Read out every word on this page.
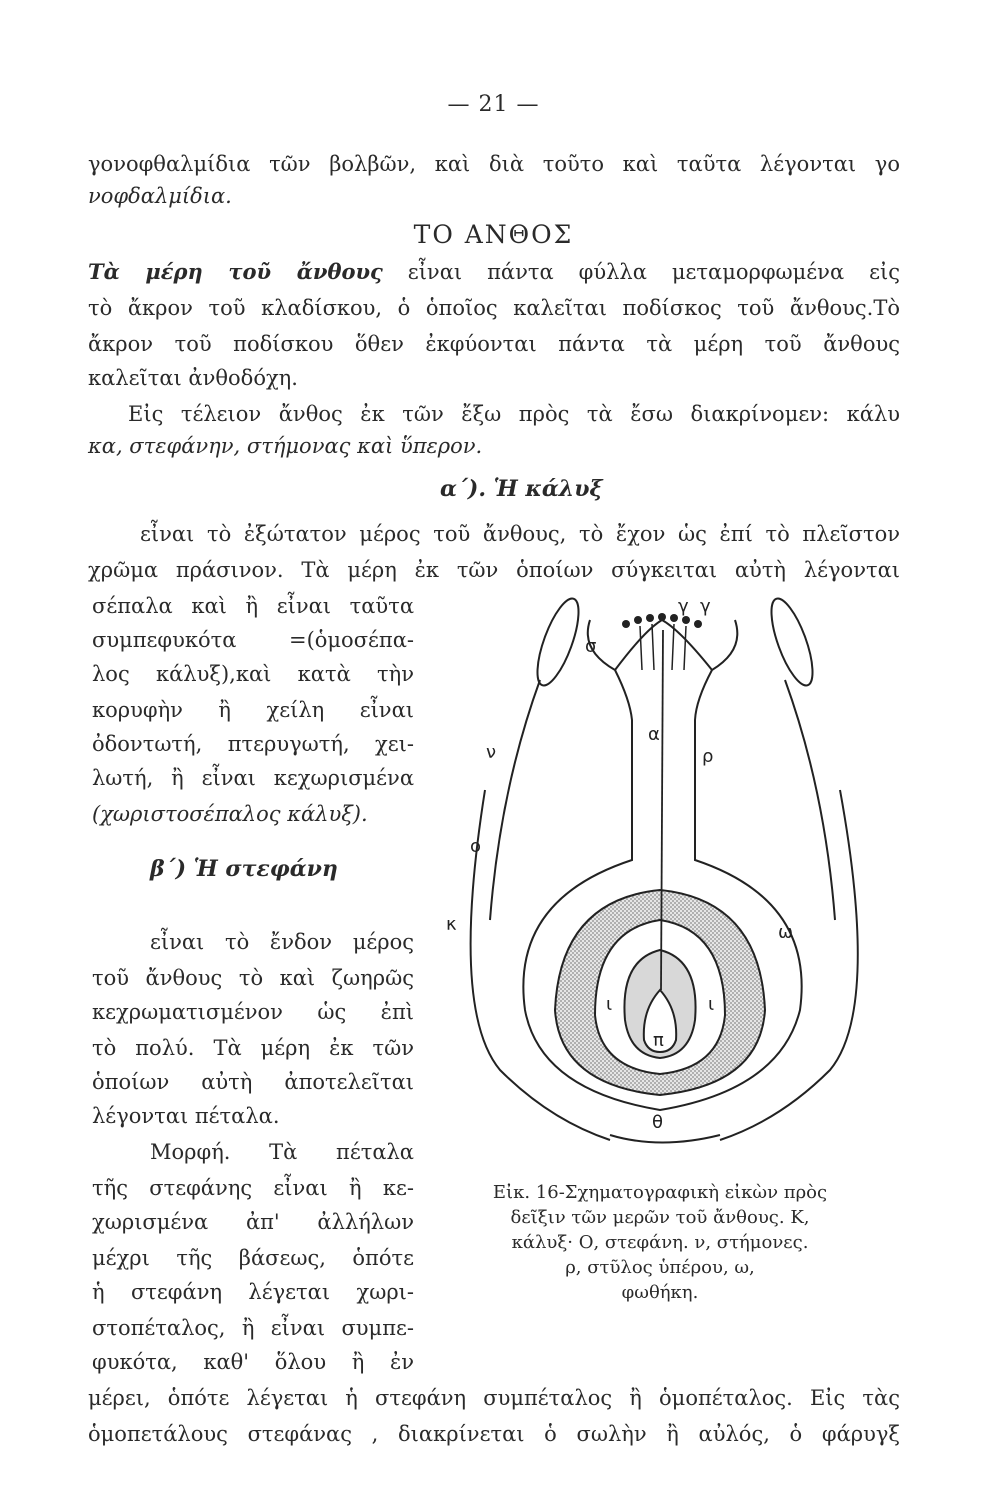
— 21 —
γονοφθαλμίδια τῶν βολβῶν, καὶ διὰ τοῦτο καὶ ταῦτα λέγονται γο
νοφδαλμίδια.
ΤΟ ΑΝΘΟΣ
Τὰ μέρη τοῦ ἄνθους εἶναι πάντα φύλλα μεταμορφωμένα εἰς
τὸ ἄκρον τοῦ κλαδίσκου, ὁ ὁποῖος καλεῖται ποδίσκος τοῦ ἄνθους.Τὸ
ἄκρον τοῦ ποδίσκου ὅθεν ἐκφύονται πάντα τὰ μέρη τοῦ ἄνθους
καλεῖται ἀνθοδόχη.
Εἰς τέλειον ἄνθος ἐκ τῶν ἔξω πρὸς τὰ ἔσω διακρίνομεν: κάλυ
κα, στεφάνην, στήμονας καὶ ὕπερον.
α΄). Ἡ κάλυξ
εἶναι τὸ ἐξώτατον μέρος τοῦ ἄνθους, τὸ ἔχον ὡς ἐπί τὸ πλεῖστον
χρῶμα πράσινον. Τὰ μέρη ἐκ τῶν ὁποίων σύγκειται αὐτὴ λέγονται
σέπαλα καὶ ἢ εἶναι ταῦτα
συμπεφυκότα =(ὁμοσέπα-
λος κάλυξ),καὶ κατὰ τὴν
κορυφὴν ἢ χείλη εἶναι
ὀδοντωτή, πτερυγωτή, χει-
λωτή, ἢ εἶναι κεχωρισμένα
(χωριστοσέπαλος κάλυξ).
β΄) Ἡ στεφάνη
εἶναι τὸ ἔνδον μέρος
τοῦ ἄνθους τὸ καὶ ζωηρῶς
κεχρωματισμένον ὡς ἐπὶ
τὸ πολύ. Τὰ μέρη ἐκ τῶν
ὁποίων αὐτὴ ἀποτελεῖται
λέγονται πέταλα.
Μορφή. Τὰ πέταλα
τῆς στεφάνης εἶναι ἢ κε-
χωρισμένα ἀπ' ἀλλήλων
μέχρι τῆς βάσεως, ὁπότε
ἡ στεφάνη λέγεται χωρι-
στοπέταλος, ἢ εἶναι συμπε-
φυκότα, καθ' ὅλου ἢ ἐν
μέρει, ὁπότε λέγεται ἡ στεφάνη συμπέταλος ἢ ὁμοπέταλος. Εἰς τὰς
ὁμοπετάλους στεφάνας , διακρίνεται ὁ σωλὴν ἢ αὐλός, ὁ φάρυγξ
σ
γ γ
α
ρ
ν
ο
κ	ω
ι	ι
π
θ
Εἰκ. 16-Σχηματογραφικὴ εἰκὼν πρὸς
δεῖξιν τῶν μερῶν τοῦ ἄνθους. Κ,
κάλυξ· Ο, στεφάνη. ν, στήμονες.
ρ, στῦλος ὑπέρου, ω,
φωθήκη.
